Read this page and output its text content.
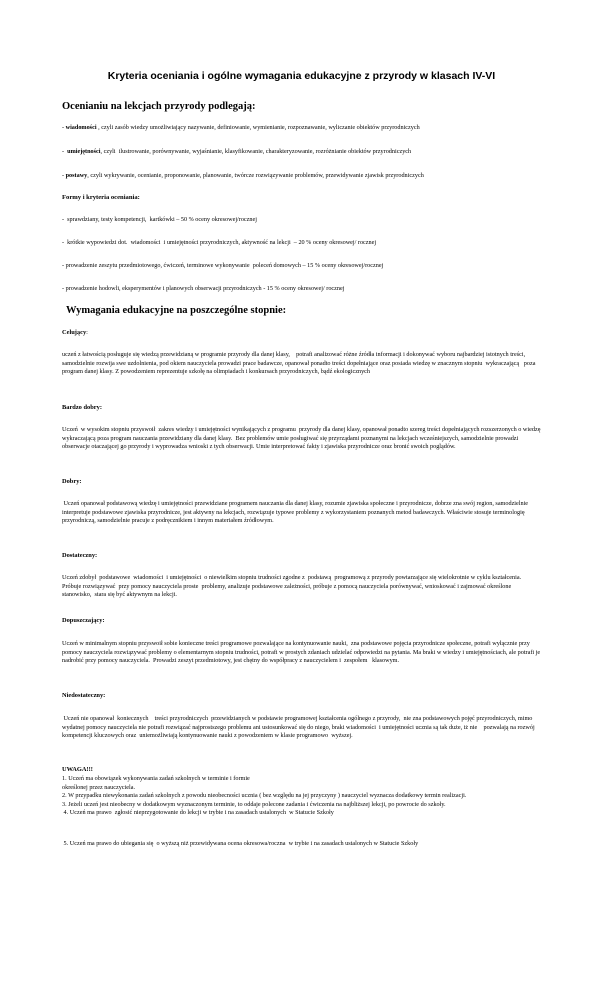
Kryteria oceniania i ogólne wymagania edukacyjne z przyrody w klasach IV-VI
Ocenianiu na lekcjach przyrody podlegają:
- wiadomości , czyli zasób wiedzy umożliwiający nazywanie, definiowanie, wymienianie, rozpoznawanie, wyliczanie obiektów przyrodniczych
-  umiejętności, czyli  ilustrowanie, porównywanie, wyjaśnianie, klasyfikowanie, charakteryzowanie, rozróżnianie obiektów przyrodniczych
- postawy, czyli wykrywanie, ocenianie, proponowanie, planowanie, twórcze rozwiązywanie problemów, przewidywanie zjawisk przyrodniczych
Formy i kryteria oceniania:
-  sprawdziany, testy kompetencji,  kartkówki – 50 % oceny okresowej/rocznej
-  krótkie wypowiedzi dot.  wiadomości  i umiejętności przyrodniczych, aktywność na lekcji  – 20 % oceny okresowej/ rocznej
- prowadzenie zeszytu przedmiotowego, ćwiczeń, terminowe wykonywanie  poleceń domowych – 15 % oceny okresowej/rocznej
- prowadzenie hodowli, eksperymentów i planowych obserwacji przyrodniczych - 15 % oceny okresowej/ rocznej
Wymagania edukacyjne na poszczególne stopnie:
Celujący:
uczeń z łatwością posługuje się wiedzą przewidzianą w programie przyrody dla danej klasy,    potrafi analizować różne źródła informacji i dokonywać wyboru najbardziej istotnych treści, samodzielnie rozwija swe uzdolnienia, pod okiem nauczyciela prowadzi prace badawcze, opanował ponadto treści dopełniające oraz posiada wiedzę w znacznym stopniu  wykraczającą   poza program danej klasy. Z powodzeniem reprezentuje szkołę na olimpiadach i konkursach przyrodniczych, bądź ekologicznych
Bardzo dobry:
Uczeń  w wysokim stopniu przyswoił  zakres wiedzy i umiejętności wynikających z programu  przyrody dla danej klasy, opanował ponadto szereg treści dopełniających rozszerzonych o wiedzę wykraczającą poza program nauczania przewidziany dla danej klasy.  Bez problemów umie posługiwać się przyrządami poznanymi na lekcjach wcześniejszych, samodzielnie prowadzi obserwacje otaczającej go przyrody i wyprowadza wnioski z tych obserwacji. Umie interpretować fakty i zjawiska przyrodnicze oraz bronić swoich poglądów.
Dobry:
Uczeń opanował podstawową wiedzę i umiejętności przewidziane programem nauczania dla danej klasy, rozumie zjawiska społeczne i przyrodnicze, dobrze zna swój region, samodzielnie interpretuje podstawowe zjawiska przyrodnicze, jest aktywny na lekcjach, rozwiązuje typowe problemy z wykorzystaniem poznanych metod badawczych. Właściwie stosuje terminologię przyrodniczą, samodzielnie pracuje z podręcznikiem i innym materiałem źródłowym.
Dostateczny:
Uczeń zdobył  podstawowe  wiadomości  i umiejętności  o niewielkim stopniu trudności zgodne z  podstawą  programową z przyrody powtarzające się wielokrotnie w cyklu kształcenia.  Próbuje rozwiązywać  przy pomocy nauczyciela proste  problemy, analizuje podstawowe zależności, próbuje z pomocą nauczyciela porównywać, wnioskować i zajmować określone stanowisko,  stara się być aktywnym na lekcji.
Dopuszczający:
Uczeń w minimalnym stopniu przyswoił sobie konieczne treści programowe pozwalające na kontynuowanie nauki,  zna podstawowe pojęcia przyrodnicze społeczne, potrafi wyłącznie przy pomocy nauczyciela rozwiązywać problemy o elementarnym stopniu trudności, potrafi w prostych zdaniach udzielać odpowiedzi na pytania. Ma braki w wiedzy i umiejętnościach, ale potrafi je nadrobić przy pomocy nauczyciela.  Prowadzi zeszyt przedmiotowy, jest chętny do współpracy z nauczycielem i  zespołem   klasowym.
Niedostateczny:
Uczeń nie opanował  koniecznych    treści przyrodniczych  przewidzianych w podstawie programowej kształcenia ogólnego z przyrody,  nie zna podstawowych pojęć przyrodniczych, mimo wydatnej pomocy nauczyciela nie potrafi rozwiązać najprostszego problemu ani ustosunkować się do niego, braki wiadomości  i umiejętności ucznia są tak duże, iż nie    pozwalają na rozwój kompetencji kluczowych oraz  uniemożliwiają kontynuowanie nauki z powodzeniem w klasie programowo  wyższej.
UWAGA!!!
1. Uczeń ma obowiązek wykonywania zadań szkolnych w terminie i formie
określonej przez nauczyciela.
2. W przypadku niewykonania zadań szkolnych z powodu nieobecności ucznia ( bez względu na jej przyczyny ) nauczyciel wyznacza dodatkowy termin realizacji.
3. Jeżeli uczeń jest nieobecny w dodatkowym wyznaczonym terminie, to oddaje polecone zadania i ćwiczenia na najbliższej lekcji, po powrocie do szkoły.
4. Uczeń ma prawo  zgłosić nieprzygotowanie do lekcji w trybie i na zasadach ustalonych  w Statucie Szkoły
5. Uczeń ma prawo do ubiegania się  o wyższą niż przewidywana ocena okresowa/roczna  w trybie i na zasadach ustalonych w Statucie Szkoły
